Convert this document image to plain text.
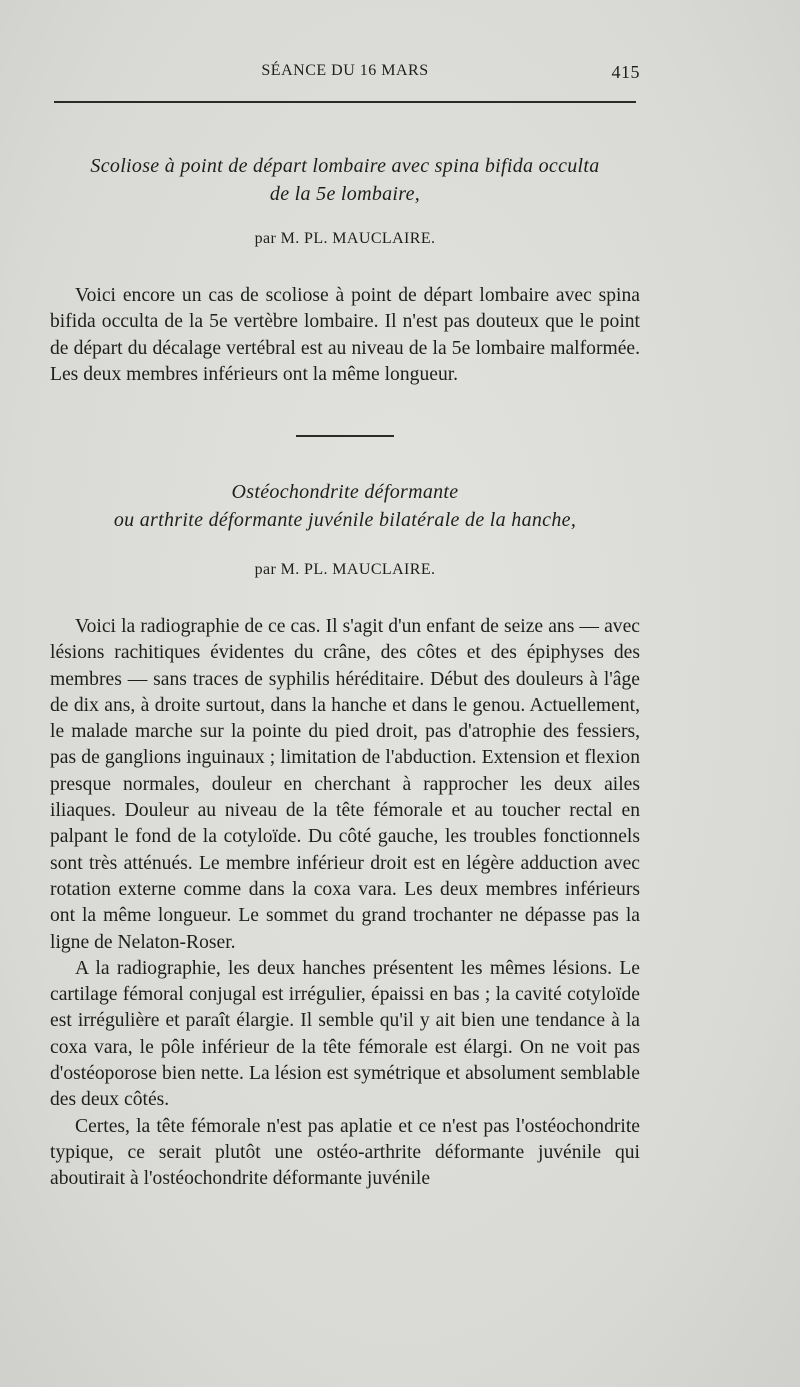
SÉANCE DU 16 MARS	415
Scoliose à point de départ lombaire avec spina bifida occulta
de la 5e lombaire,
par M. PL. MAUCLAIRE.

Voici encore un cas de scoliose à point de départ lombaire avec spina bifida occulta de la 5e vertèbre lombaire. Il n'est pas douteux que le point de départ du décalage vertébral est au niveau de la 5e lombaire malformée. Les deux membres inférieurs ont la même longueur.

Ostéochondrite déformante
ou arthrite déformante juvénile bilatérale de la hanche,
par M. PL. MAUCLAIRE.

Voici la radiographie de ce cas. Il s'agit d'un enfant de seize ans — avec lésions rachitiques évidentes du crâne, des côtes et des épiphyses des membres — sans traces de syphilis héréditaire. Début des douleurs à l'âge de dix ans, à droite surtout, dans la hanche et dans le genou. Actuellement, le malade marche sur la pointe du pied droit, pas d'atrophie des fessiers, pas de ganglions inguinaux ; limitation de l'abduction. Extension et flexion presque normales, douleur en cherchant à rapprocher les deux ailes iliaques. Douleur au niveau de la tête fémorale et au toucher rectal en palpant le fond de la cotyloïde. Du côté gauche, les troubles fonctionnels sont très atténués. Le membre inférieur droit est en légère adduction avec rotation externe comme dans la coxa vara. Les deux membres inférieurs ont la même longueur. Le sommet du grand trochanter ne dépasse pas la ligne de Nelaton-Roser.

A la radiographie, les deux hanches présentent les mêmes lésions. Le cartilage fémoral conjugal est irrégulier, épaissi en bas ; la cavité cotyloïde est irrégulière et paraît élargie. Il semble qu'il y ait bien une tendance à la coxa vara, le pôle inférieur de la tête fémorale est élargi. On ne voit pas d'ostéoporose bien nette. La lésion est symétrique et absolument semblable des deux côtés.

Certes, la tête fémorale n'est pas aplatie et ce n'est pas l'ostéochondrite typique, ce serait plutôt une ostéo-arthrite déformante juvénile qui aboutirait à l'ostéochondrite déformante juvénile
